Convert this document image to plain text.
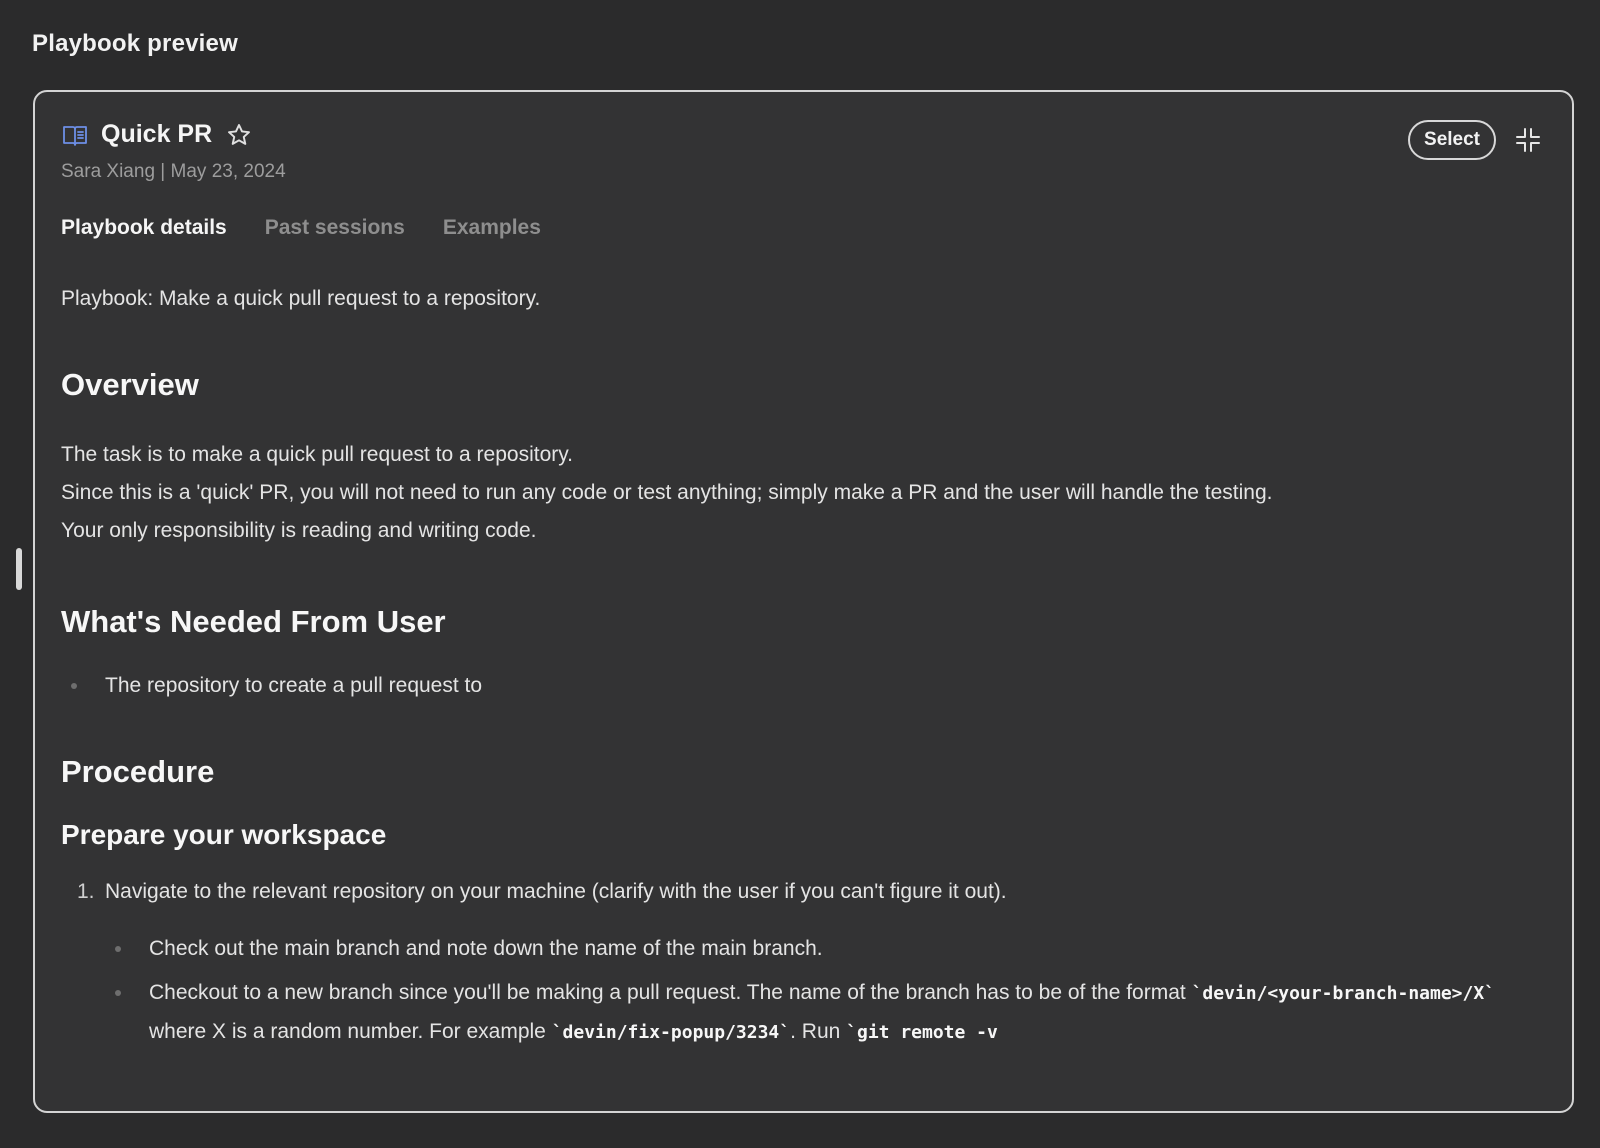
Playbook preview
Quick PR
Sara Xiang | May 23, 2024
Select
Playbook details Past sessions Examples

Playbook: Make a quick pull request to a repository.

Overview

The task is to make a quick pull request to a repository.

Since this is a 'quick' PR, you will not need to run any code or test anything; simply make a PR and the user will handle the testing.

Your only responsibility is reading and writing code.

What's Needed From User
The repository to create a pull request to
Procedure
Prepare your workspace
1. Navigate to the relevant repository on your machine (clarify with the user if you can't figure it out).
Check out the main branch and note down the name of the main branch.
Checkout to a new branch since you'll be making a pull request. The name of the branch has to be of the format `devin/<your-branch-name>/X` where X is a random number. For example `devin/fix-popup/3234`. Run `git remote -v
